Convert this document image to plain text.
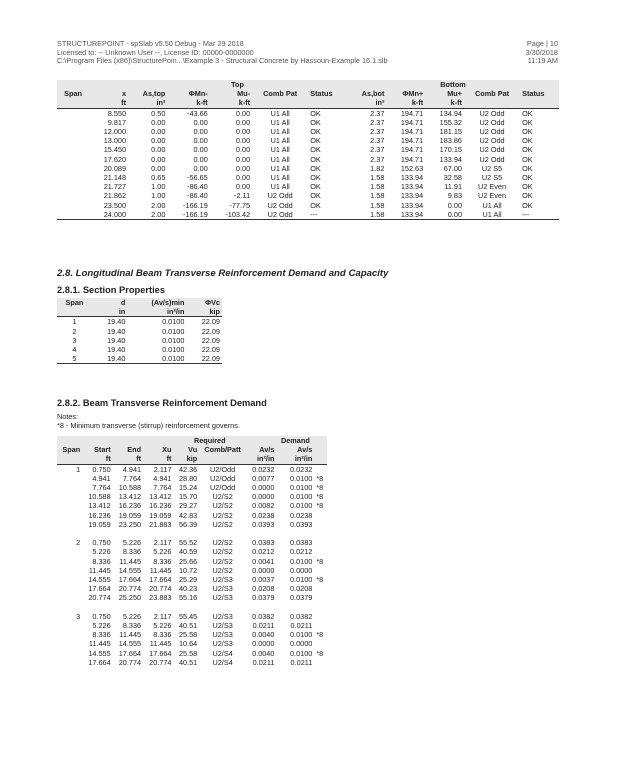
STRUCTUREPOINT - spSlab v5.50 Debug - Mar 29 2018
Licensed to: -- Unknown User --, License ID: 00000-0000000
C:\Program Files (x86)\StructurePoin...\Example 3 - Structural Concrete by Hassoun-Example 16.1.slb
Page | 10
3/30/2018
11:19 AM
		Top					Bottom				
Span	x	As,top	ΦMn-	Mu-	Comb Pat	Status	As,bot	ΦMn+	Mu+	Comb Pat	Status
	ft	in²	k-ft	k-ft			in²	k-ft	k-ft		
	8.550	0.50	-43.66	0.00	U1 All	OK	2.37	194.71	134.94	U2 Odd	OK
	9.817	0.00	0.00	0.00	U1 All	OK	2.37	194.71	155.32	U2 Odd	OK
	12.000	0.00	0.00	0.00	U1 All	OK	2.37	194.71	181.15	U2 Odd	OK
	13.000	0.00	0.00	0.00	U1 All	OK	2.37	194.71	183.86	U2 Odd	OK
	15.450	0.00	0.00	0.00	U1 All	OK	2.37	194.71	170.15	U2 Odd	OK
	17.620	0.00	0.00	0.00	U1 All	OK	2.37	194.71	133.94	U2 Odd	OK
	20.089	0.00	0.00	0.00	U1 All	OK	1.82	152.63	67.00	U2 S5	OK
	21.148	0.65	-56.65	0.00	U1 All	OK	1.58	133.94	32.58	U2 S5	OK
	21.727	1.00	-86.40	0.00	U1 All	OK	1.58	133.94	11.91	U2 Even	OK
	21.862	1.00	-86.40	-2.11	U2 Odd	OK	1.58	133.94	9.83	U2 Even	OK
	23.500	2.00	-166.19	-77.75	U2 Odd	OK	1.58	133.94	0.00	U1 All	OK
	24.000	2.00	-166.19	-103.42	U2 Odd	---	1.58	133.94	0.00	U1 All	---
2.8. Longitudinal Beam Transverse Reinforcement Demand and Capacity
2.8.1. Section Properties
Span	d	(Av/s)min	ΦVc
	in	in²/in	kip
1	19.40	0.0100	22.09
2	19.40	0.0100	22.09
3	19.40	0.0100	22.09
4	19.40	0.0100	22.09
5	19.40	0.0100	22.09
2.8.2. Beam Transverse Reinforcement Demand
Notes:
*8 - Minimum transverse (stirrup) reinforcement governs.
			Required				Demand	
Span	Start	End	Xu	Vu	Comb/Patt	Av/s	Av/s	
	ft	ft	ft	kip		in²/in	in²/in	
1	0.750	4.941	2.117	42.36	U2/Odd	0.0232	0.0232	
	4.941	7.764	4.941	28.80	U2/Odd	0.0077	0.0100	*8
	7.764	10.588	7.764	15.24	U2/Odd	0.0000	0.0100	*8
	10.588	13.412	13.412	15.70	U2/S2	0.0000	0.0100	*8
	13.412	16.236	16.236	29.27	U2/S2	0.0082	0.0100	*8
	16.236	19.059	19.059	42.83	U2/S2	0.0238	0.0238	
	19.059	23.250	21.883	56.39	U2/S2	0.0393	0.0393	

2	0.750	5.226	2.117	55.52	U2/S2	0.0383	0.0383	
	5.226	8.336	5.226	40.59	U2/S2	0.0212	0.0212	
	8.336	11.445	8.336	25.66	U2/S2	0.0041	0.0100	*8
	11.445	14.555	11.445	10.72	U2/S2	0.0000	0.0000	
	14.555	17.664	17.664	25.29	U2/S3	0.0037	0.0100	*8
	17.664	20.774	20.774	40.23	U2/S3	0.0208	0.0208	
	20.774	25.250	23.883	55.16	U2/S3	0.0379	0.0379	

3	0.750	5.226	2.117	55.45	U2/S3	0.0382	0.0382	
	5.226	8.336	5.226	40.51	U2/S3	0.0211	0.0211	
	8.336	11.445	8.336	25.58	U2/S3	0.0040	0.0100	*8
	11.445	14.555	11.445	10.64	U2/S3	0.0000	0.0000	
	14.555	17.664	17.664	25.58	U2/S4	0.0040	0.0100	*8
	17.664	20.774	20.774	40.51	U2/S4	0.0211	0.0211	
